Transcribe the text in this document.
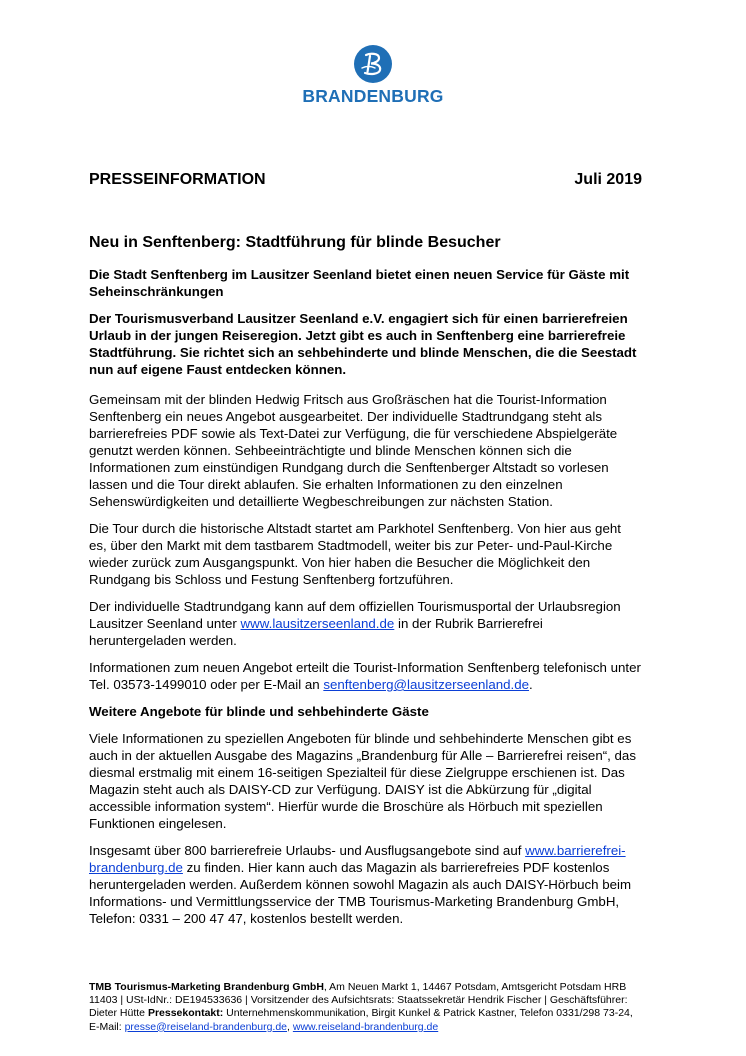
BRANDENBURG
PRESSEINFORMATION	Juli 2019
Neu in Senftenberg: Stadtführung für blinde Besucher
Die Stadt Senftenberg im Lausitzer Seenland bietet einen neuen Service für Gäste mit Seheinschränkungen
Der Tourismusverband Lausitzer Seenland e.V. engagiert sich für einen barrierefreien Urlaub in der jungen Reiseregion. Jetzt gibt es auch in Senftenberg eine barrierefreie Stadtführung. Sie richtet sich an sehbehinderte und blinde Menschen, die die Seestadt nun auf eigene Faust entdecken können.

Gemeinsam mit der blinden Hedwig Fritsch aus Großräschen hat die Tourist-Information Senftenberg ein neues Angebot ausgearbeitet. Der individuelle Stadtrundgang steht als barrierefreies PDF sowie als Text-Datei zur Verfügung, die für verschiedene Abspielgeräte genutzt werden können. Sehbeeinträchtigte und blinde Menschen können sich die Informationen zum einstündigen Rundgang durch die Senftenberger Altstadt so vorlesen lassen und die Tour direkt ablaufen. Sie erhalten Informationen zu den einzelnen Sehenswürdigkeiten und detaillierte Wegbeschreibungen zur nächsten Station.

Die Tour durch die historische Altstadt startet am Parkhotel Senftenberg. Von hier aus geht es, über den Markt mit dem tastbarem Stadtmodell, weiter bis zur Peter- und-Paul-Kirche wieder zurück zum Ausgangspunkt. Von hier haben die Besucher die Möglichkeit den Rundgang bis Schloss und Festung Senftenberg fortzuführen.

Der individuelle Stadtrundgang kann auf dem offiziellen Tourismusportal der Urlaubsregion Lausitzer Seenland unter www.lausitzerseenland.de in der Rubrik Barrierefrei heruntergeladen werden.

Informationen zum neuen Angebot erteilt die Tourist-Information Senftenberg telefonisch unter Tel. 03573-1499010 oder per E-Mail an senftenberg@lausitzerseenland.de.

Weitere Angebote für blinde und sehbehinderte Gäste

Viele Informationen zu speziellen Angeboten für blinde und sehbehinderte Menschen gibt es auch in der aktuellen Ausgabe des Magazins „Brandenburg für Alle – Barrierefrei reisen“, das diesmal erstmalig mit einem 16-seitigen Spezialteil für diese Zielgruppe erschienen ist. Das Magazin steht auch als DAISY-CD zur Verfügung. DAISY ist die Abkürzung für „digital accessible information system“. Hierfür wurde die Broschüre als Hörbuch mit speziellen Funktionen eingelesen.

Insgesamt über 800 barrierefreie Urlaubs- und Ausflugsangebote sind auf www.barrierefrei-brandenburg.de zu finden. Hier kann auch das Magazin als barrierefreies PDF kostenlos heruntergeladen werden. Außerdem können sowohl Magazin als auch DAISY-Hörbuch beim Informations- und Vermittlungsservice der TMB Tourismus-Marketing Brandenburg GmbH, Telefon: 0331 – 200 47 47, kostenlos bestellt werden.

TMB Tourismus-Marketing Brandenburg GmbH, Am Neuen Markt 1, 14467 Potsdam, Amtsgericht Potsdam HRB 11403 | USt-IdNr.: DE194533636 | Vorsitzender des Aufsichtsrats: Staatssekretär Hendrik Fischer | Geschäftsführer: Dieter Hütte Pressekontakt: Unternehmenskommunikation, Birgit Kunkel & Patrick Kastner, Telefon 0331/298 73-24, E-Mail: presse@reiseland-brandenburg.de, www.reiseland-brandenburg.de
